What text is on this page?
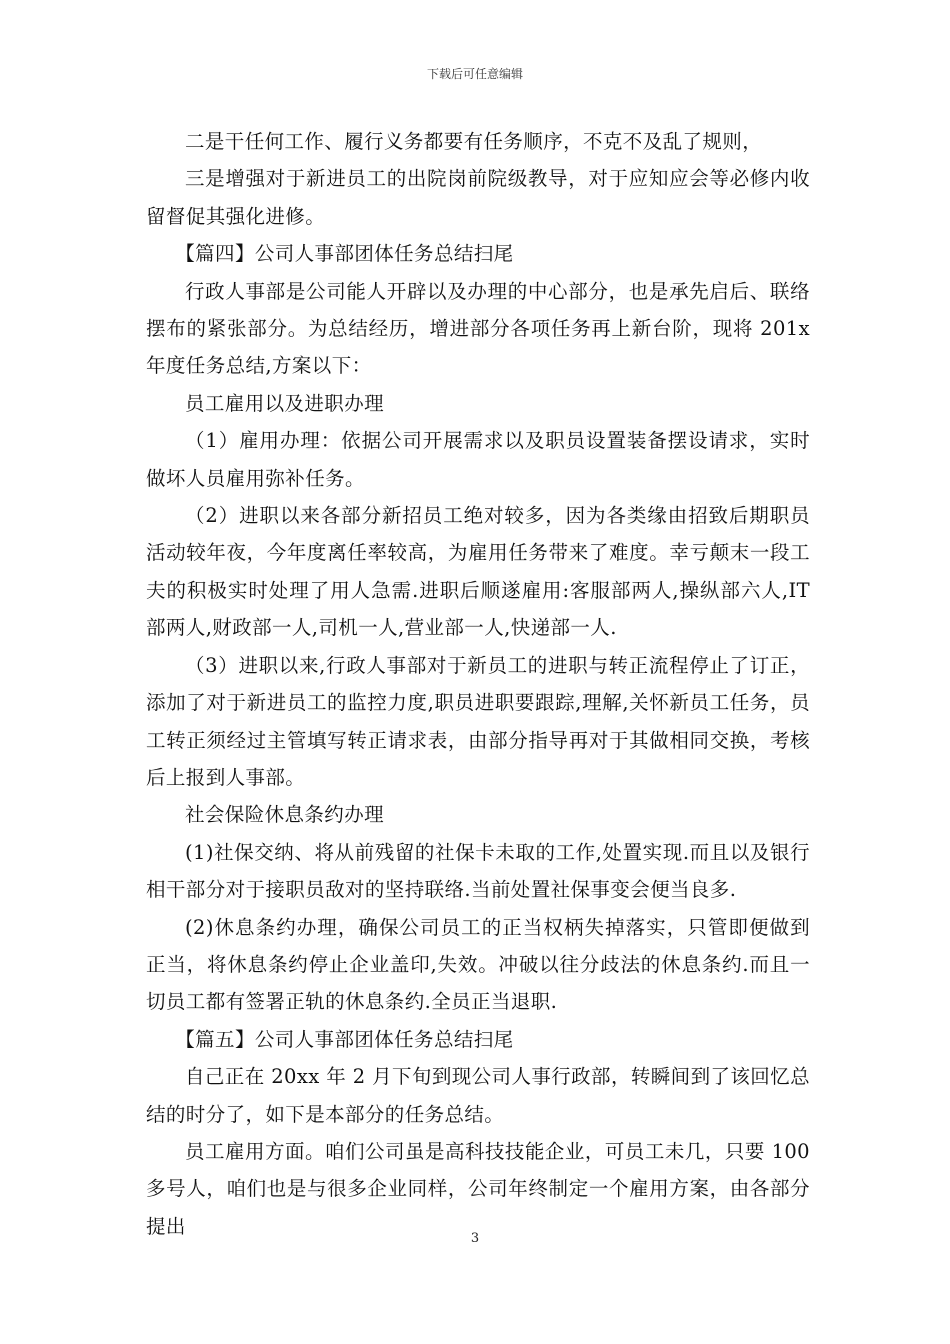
下载后可任意编辑

二是干任何工作、履行义务都要有任务顺序，不克不及乱了规则，

三是增强对于新进员工的出院岗前院级教导，对于应知应会等必修内收留督促其强化进修。

【篇四】公司人事部团体任务总结扫尾

行政人事部是公司能人开辟以及办理的中心部分，也是承先启后、联络摆布的紧张部分。为总结经历，增进部分各项任务再上新台阶，现将 201x 年度任务总结,方案以下：

员工雇用以及进职办理

（1）雇用办理：依据公司开展需求以及职员设置装备摆设请求，实时做坏人员雇用弥补任务。

（2）进职以来各部分新招员工绝对较多，因为各类缘由招致后期职员活动较年夜，今年度离任率较高，为雇用任务带来了难度。幸亏颠末一段工夫的积极实时处理了用人急需.进职后顺遂雇用:客服部两人,操纵部六人,IT 部两人,财政部一人,司机一人,营业部一人,快递部一人.

（3）进职以来,行政人事部对于新员工的进职与转正流程停止了订正，添加了对于新进员工的监控力度,职员进职要跟踪,理解,关怀新员工任务，员工转正须经过主管填写转正请求表，由部分指导再对于其做相同交换，考核后上报到人事部。

社会保险休息条约办理

(1)社保交纳、将从前残留的社保卡未取的工作,处置实现.而且以及银行相干部分对于接职员敌对的坚持联络.当前处置社保事变会便当良多.

(2)休息条约办理，确保公司员工的正当权柄失掉落实，只管即便做到正当，将休息条约停止企业盖印,失效。冲破以往分歧法的休息条约.而且一切员工都有签署正轨的休息条约.全员正当退职.

【篇五】公司人事部团体任务总结扫尾

自己正在 20xx 年 2 月下旬到现公司人事行政部，转瞬间到了该回忆总结的时分了，如下是本部分的任务总结。

员工雇用方面。咱们公司虽是高科技技能企业，可员工未几，只要 100 多号人，咱们也是与很多企业同样，公司年终制定一个雇用方案，由各部分提出

3
